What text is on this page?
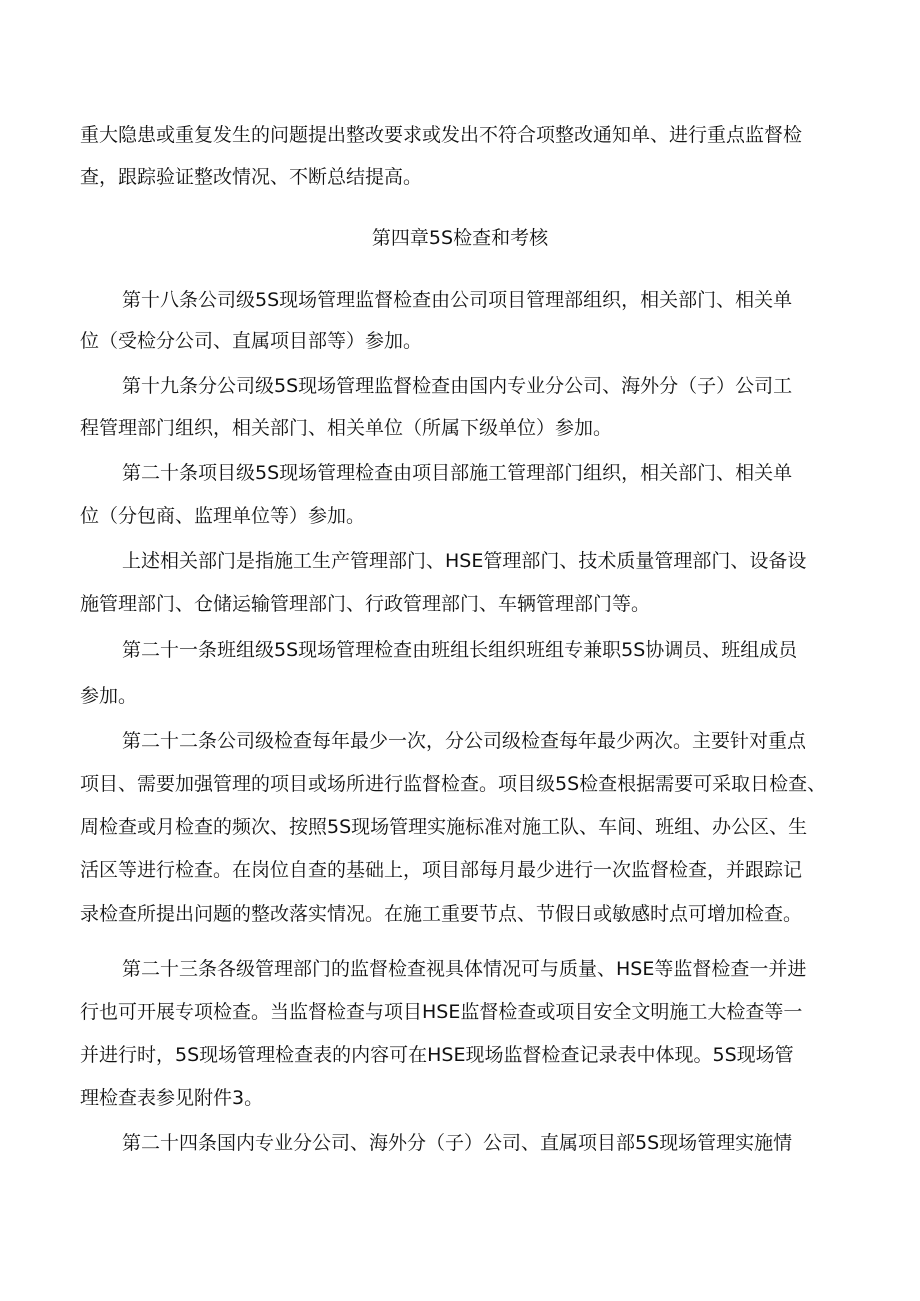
重大隐患或重复发生的问题提出整改要求或发出不符合项整改通知单、进行重点监督检
查，跟踪验证整改情况、不断总结提高。
第四章5S检查和考核
第十八条公司级5S现场管理监督检查由公司项目管理部组织，相关部门、相关单
位（受检分公司、直属项目部等）参加。
第十九条分公司级5S现场管理监督检查由国内专业分公司、海外分（子）公司工
程管理部门组织，相关部门、相关单位（所属下级单位）参加。
第二十条项目级5S现场管理检查由项目部施工管理部门组织，相关部门、相关单
位（分包商、监理单位等）参加。
上述相关部门是指施工生产管理部门、HSE管理部门、技术质量管理部门、设备设
施管理部门、仓储运输管理部门、行政管理部门、车辆管理部门等。
第二十一条班组级5S现场管理检查由班组长组织班组专兼职5S协调员、班组成员
参加。
第二十二条公司级检查每年最少一次，分公司级检查每年最少两次。主要针对重点
项目、需要加强管理的项目或场所进行监督检查。项目级5S检查根据需要可采取日检查、
周检查或月检查的频次、按照5S现场管理实施标准对施工队、车间、班组、办公区、生
活区等进行检查。在岗位自查的基础上，项目部每月最少进行一次监督检查，并跟踪记
录检查所提出问题的整改落实情况。在施工重要节点、节假日或敏感时点可增加检查。
第二十三条各级管理部门的监督检查视具体情况可与质量、HSE等监督检查一并进
行也可开展专项检查。当监督检查与项目HSE监督检查或项目安全文明施工大检查等一
并进行时，5S现场管理检查表的内容可在HSE现场监督检查记录表中体现。5S现场管
理检查表参见附件3。
第二十四条国内专业分公司、海外分（子）公司、直属项目部5S现场管理实施情
